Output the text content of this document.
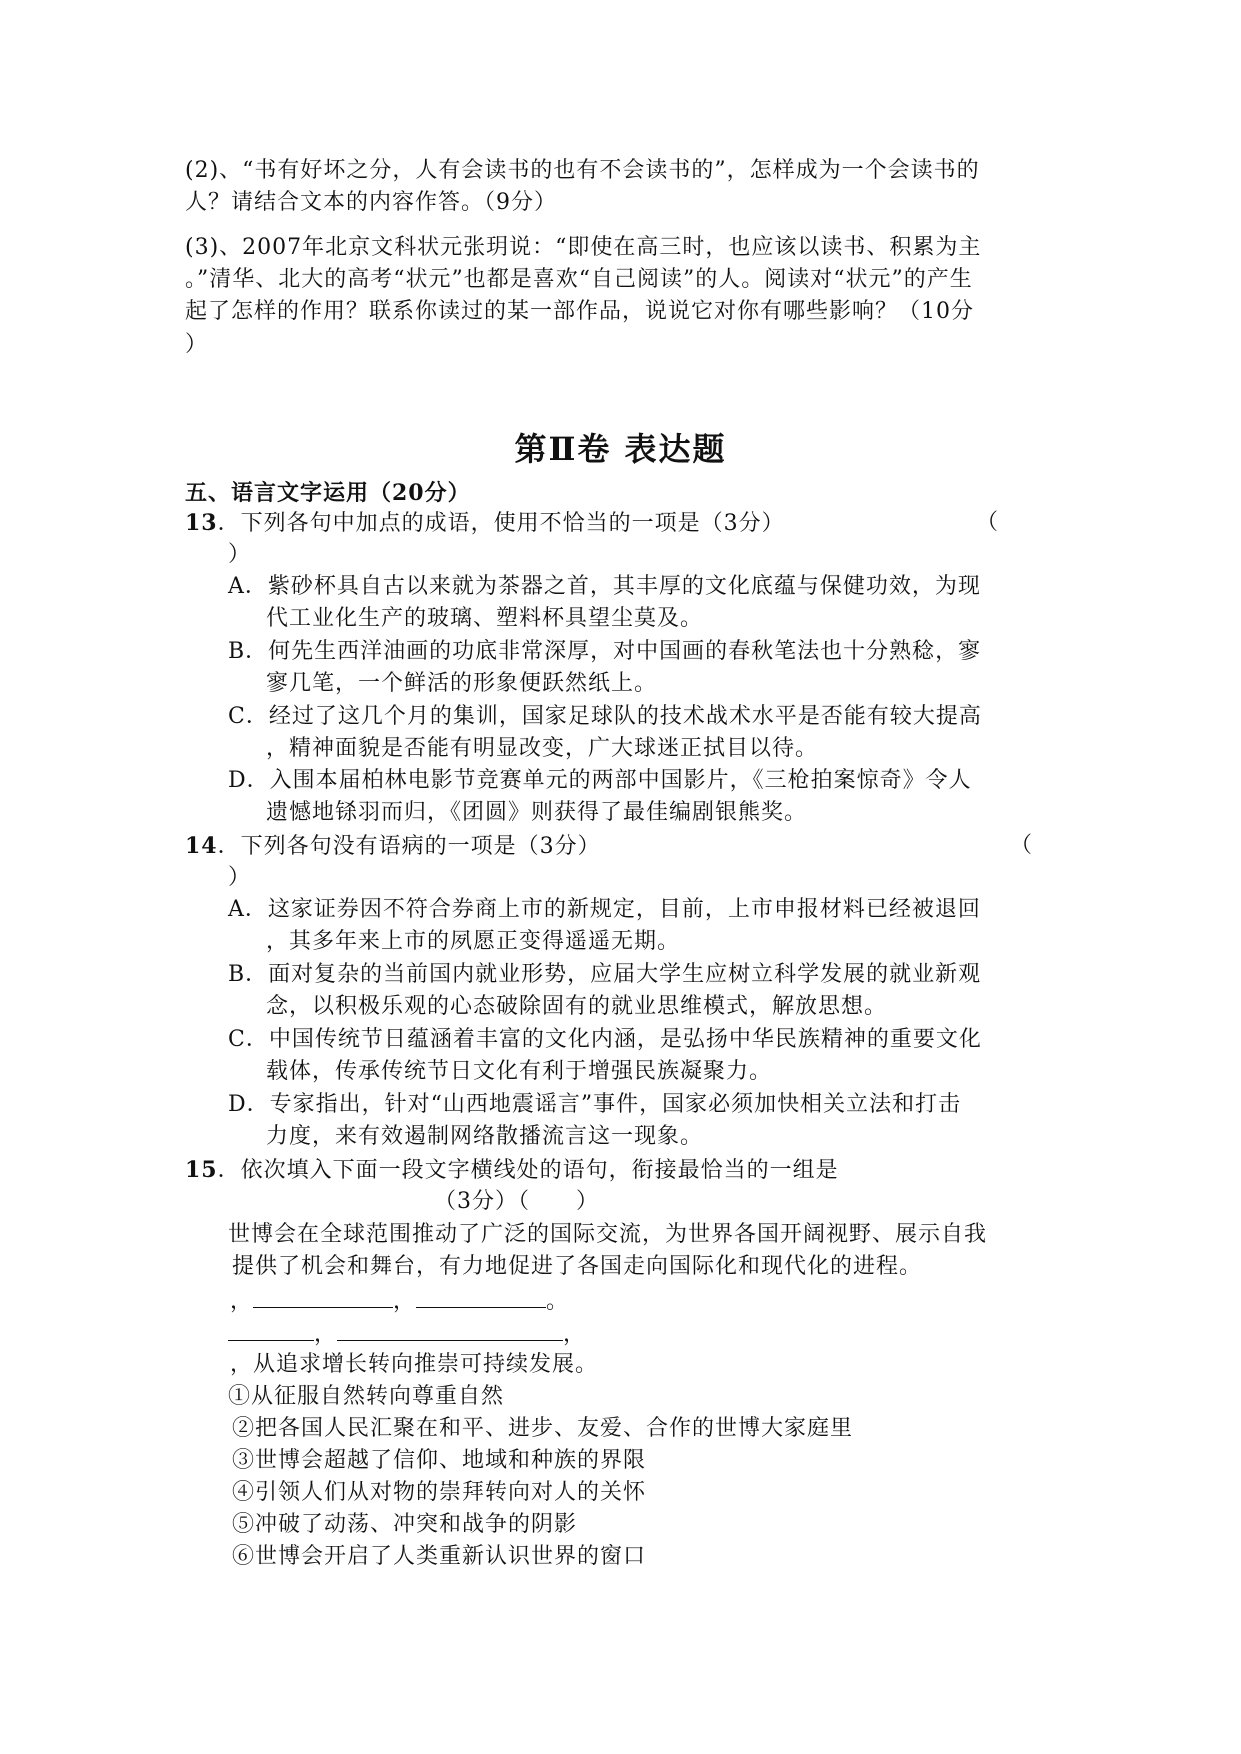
(2)、“书有好坏之分，人有会读书的也有不会读书的”，怎样成为一个会读书的
人？请结合文本的内容作答。（9分）
(3)、2007年北京文科状元张玥说：“即使在高三时，也应该以读书、积累为主
。”清华、北大的高考“状元”也都是喜欢“自己阅读”的人。阅读对“状元”的产生
起了怎样的作用？联系你读过的某一部作品，说说它对你有哪些影响？（10分
）
第Ⅱ卷 表达题
五、语言文字运用（20分）
13．下列各句中加点的成语，使用不恰当的一项是（3分）	（
）
A．紫砂杯具自古以来就为茶器之首，其丰厚的文化底蕴与保健功效，为现
代工业化生产的玻璃、塑料杯具望尘莫及。
B．何先生西洋油画的功底非常深厚，对中国画的春秋笔法也十分熟稔，寥
寥几笔，一个鲜活的形象便跃然纸上。
C．经过了这几个月的集训，国家足球队的技术战术水平是否能有较大提高
，精神面貌是否能有明显改变，广大球迷正拭目以待。
D．入围本届柏林电影节竞赛单元的两部中国影片，《三枪拍案惊奇》令人
遗憾地铩羽而归，《团圆》则获得了最佳编剧银熊奖。
14．下列各句没有语病的一项是（3分）	（
）
A．这家证券因不符合券商上市的新规定，目前，上市申报材料已经被退回
，其多年来上市的夙愿正变得遥遥无期。
B．面对复杂的当前国内就业形势，应届大学生应树立科学发展的就业新观
念，以积极乐观的心态破除固有的就业思维模式，解放思想。
C．中国传统节日蕴涵着丰富的文化内涵，是弘扬中华民族精神的重要文化
载体，传承传统节日文化有利于增强民族凝聚力。
D．专家指出，针对“山西地震谣言”事件，国家必须加快相关立法和打击
力度，来有效遏制网络散播流言这一现象。
15．依次填入下面一段文字横线处的语句，衔接最恰当的一组是
（3分）（　　）
世博会在全球范围推动了广泛的国际交流，为世界各国开阔视野、展示自我
提供了机会和舞台，有力地促进了各国走向国际化和现代化的进程。
，	，	。
，	，
，从追求增长转向推崇可持续发展。
①从征服自然转向尊重自然
②把各国人民汇聚在和平、进步、友爱、合作的世博大家庭里
③世博会超越了信仰、地域和种族的界限
④引领人们从对物的崇拜转向对人的关怀
⑤冲破了动荡、冲突和战争的阴影
⑥世博会开启了人类重新认识世界的窗口
